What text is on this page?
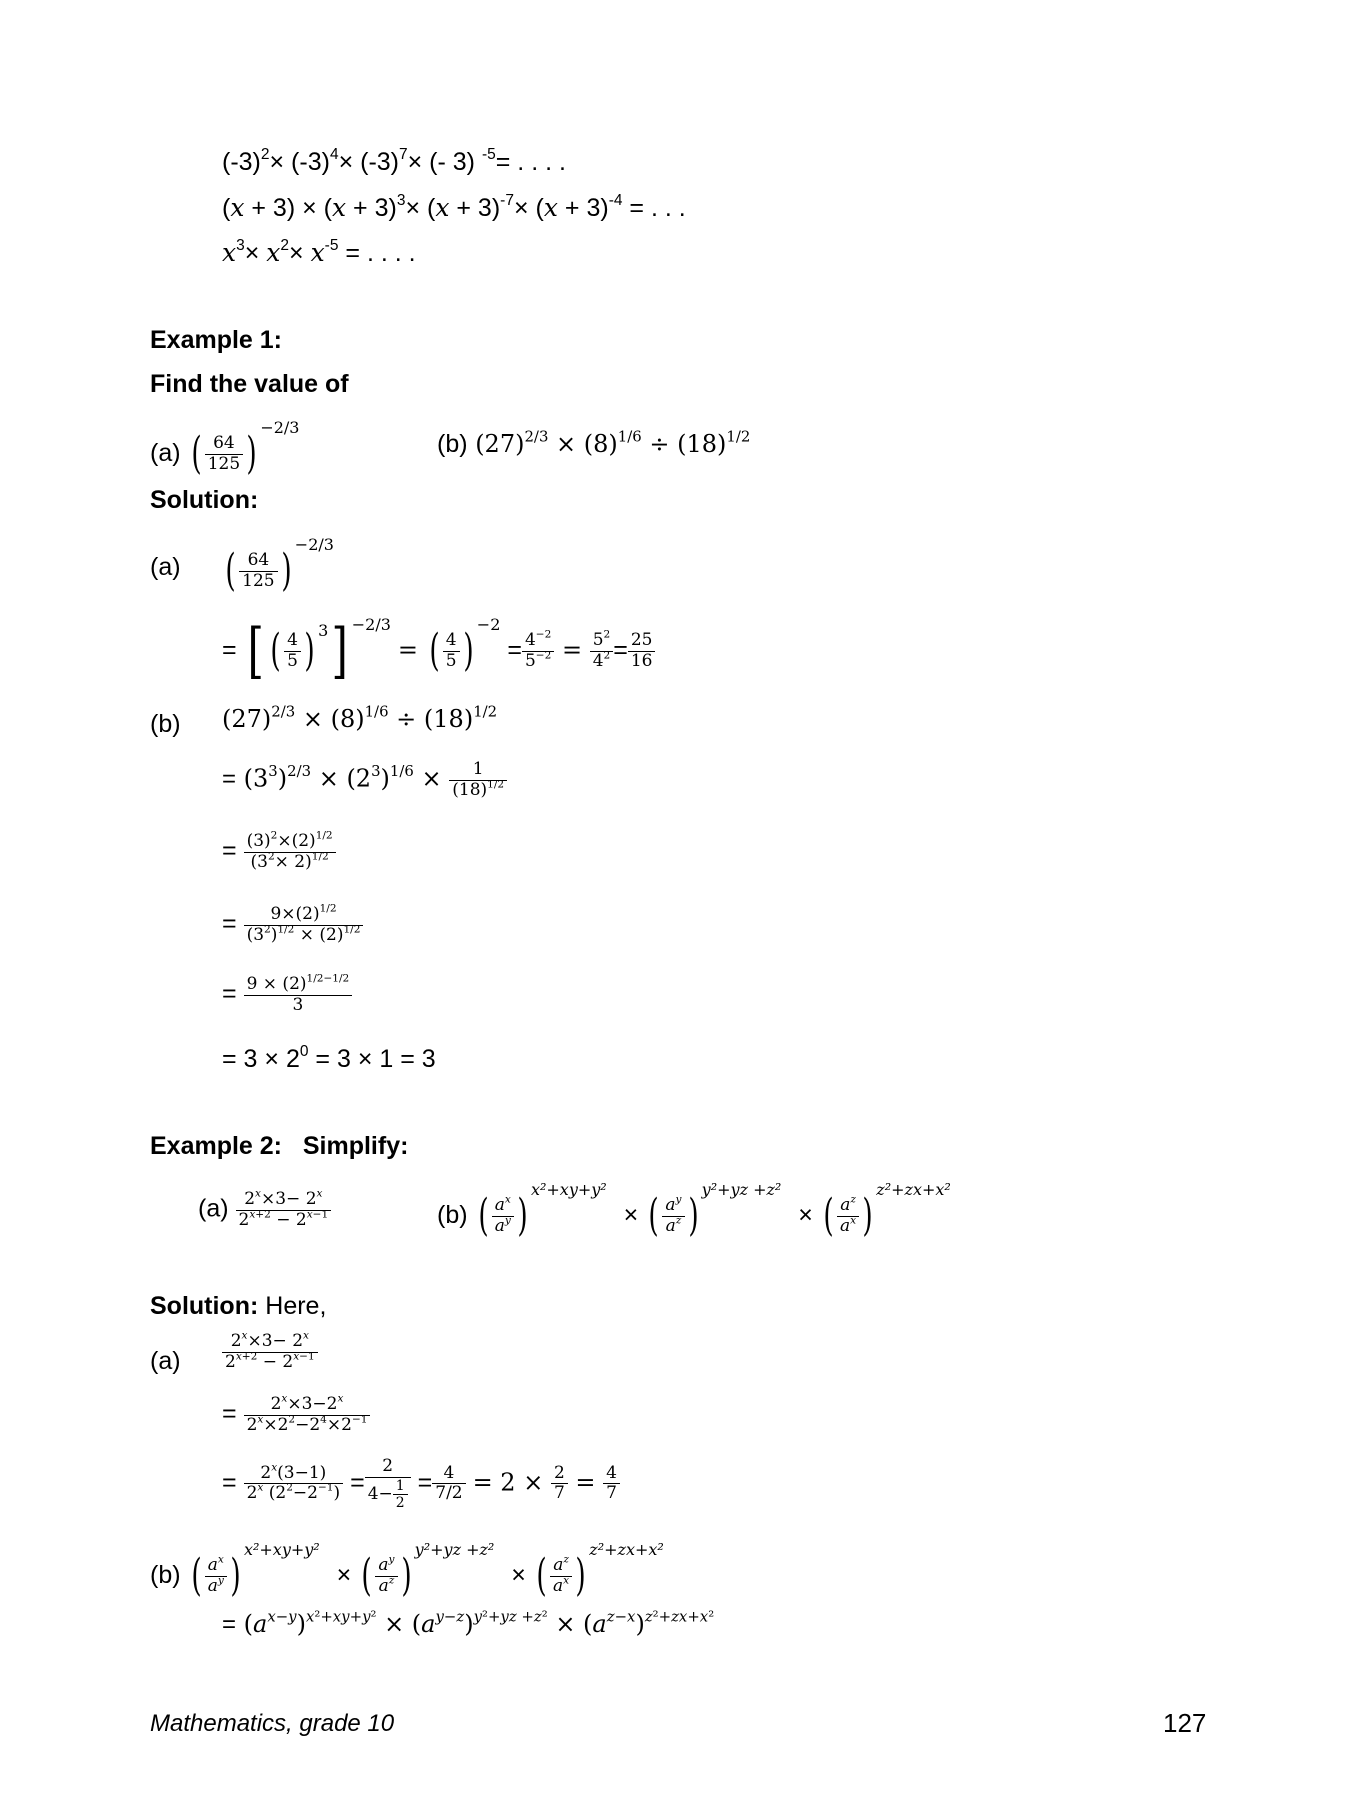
$(-3)^2\times (-3)^4\times (-3)^7\times$ (- 3) $^{-5}$= . . . .
$(x + 3) \times (x + 3)^3\times (x + 3)^{-7}\times (x + 3)^{-4}$ = . . .
$x^3\times x^2\times x^{-5}$ = . . . .
Example 1:
Find the value of
(a) ( $\frac{64}{125} )-2/3$
(b) $(27)^{2/3} \times (8)^{1/6} \div (18)^{1/2}$
Solution:
(a) ( $\frac{64}{125} )-2/3$
= [ ( $\frac{4}{5}$ ) 3] −2/3 = ( $\frac{4}{5} )-2 = \frac{4^{-2}}{5^{-2}} = \frac{5^2}{4^2} = \frac{25}{16}$
(b) $(27)^{2/3} \times (8)^{1/6} \div (18)^{1/2}$
= $(3^3)^{2/3} \times (2^3)^{1/6} \times \frac{1}{(18)^{1/2}}$
= $\frac{(3)^2\times(2)^{1/2}}{(3^2\times 2)^{1/2}}$
= $\frac{9\times(2)^{1/2}}{(3^2)^{1/2} \times (2)^{1/2}}$
= $\frac{9 \times (2)^{1/2-1/2}}{3}$
= $3 \times 2^0 = 3 \times 1 = 3$
Example 2: Simplify:
$(a) \frac{2^x\times 3- 2^x}{2^{x+2} - 2^{x-1}}$	(b) ( $\frac{a^x}{a^y} )x^2+xy+y^2$ × ( $\frac{a^y}{a^z} )y^2+yz +z^2$ × ( $\frac{a^z}{a^x} )z^2+zx+x^2$
Solution: Here,
$(a) \frac{2^x\times 3- 2^x}{2^{x+2} - 2^{x-1}}$
= $\frac{2^x\times 3-2^x}{2^x\times 2^2-2^4\times 2^{-1}}$
= $\frac{2^x(3-1)}{2^x (2^2-2^{-1})} = \frac{2}{4- \frac{1}{2}} = \frac{4}{7/2} = 2 \times \frac{2}{7} = \frac{4}{7}$
(b) ( $\frac{a^x}{a^y} )x^2+xy+y^2$ × ( $\frac{a^y}{a^z} )y^2+yz +z^2$ × ( $\frac{a^z}{a^x} )z^2+zx+x^2$
= $(a^{x-y})^{x^2+xy+y^2} \times (a^{y-z})^{y^2+yz +z^2} \times (a^{z-x})^{z^2+zx+x^2}$
Mathematics, grade 10	127
